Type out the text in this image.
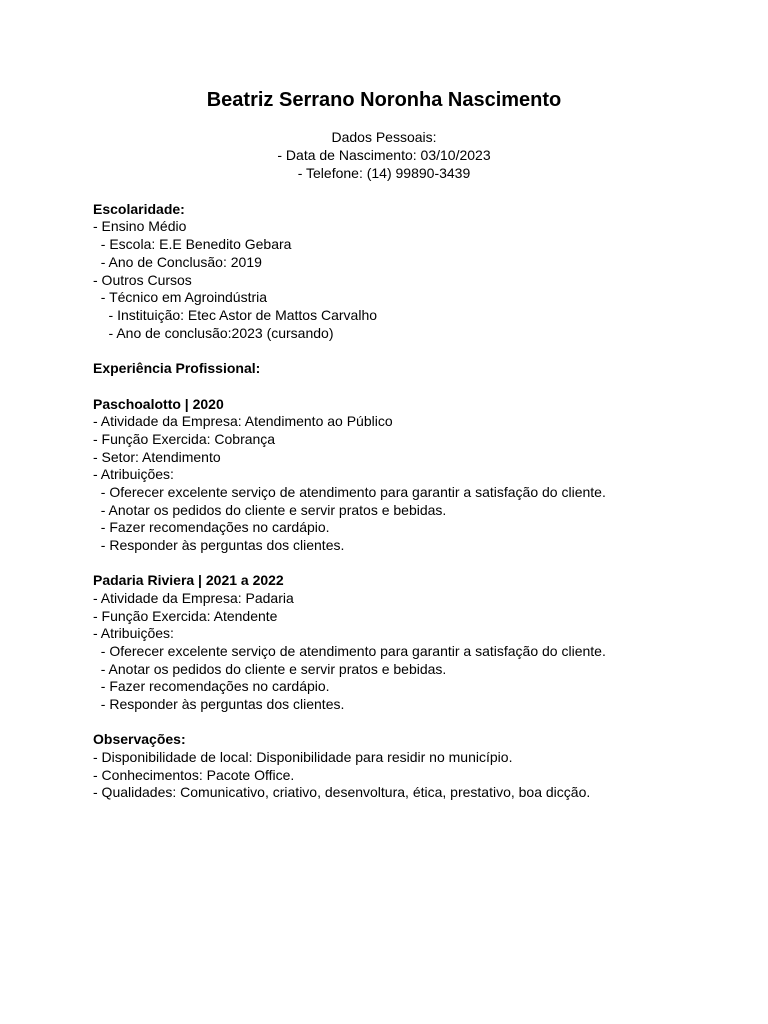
Beatriz Serrano Noronha Nascimento
Dados Pessoais:
- Data de Nascimento: 03/10/2023
- Telefone: (14) 99890-3439
Escolaridade:
- Ensino Médio
- Escola: E.E Benedito Gebara
- Ano de Conclusão: 2019
- Outros Cursos
- Técnico em Agroindústria
- Instituição: Etec Astor de Mattos Carvalho
- Ano de conclusão:2023 (cursando)
Experiência Profissional:
Paschoalotto | 2020
- Atividade da Empresa: Atendimento ao Público
- Função Exercida: Cobrança
- Setor: Atendimento
- Atribuições:
- Oferecer excelente serviço de atendimento para garantir a satisfação do cliente.
- Anotar os pedidos do cliente e servir pratos e bebidas.
- Fazer recomendações no cardápio.
- Responder às perguntas dos clientes.
Padaria Riviera | 2021 a 2022
- Atividade da Empresa: Padaria
- Função Exercida: Atendente
- Atribuições:
- Oferecer excelente serviço de atendimento para garantir a satisfação do cliente.
- Anotar os pedidos do cliente e servir pratos e bebidas.
- Fazer recomendações no cardápio.
- Responder às perguntas dos clientes.
Observações:
- Disponibilidade de local: Disponibilidade para residir no município.
- Conhecimentos: Pacote Office.
- Qualidades: Comunicativo, criativo, desenvoltura, ética, prestativo, boa dicção.
